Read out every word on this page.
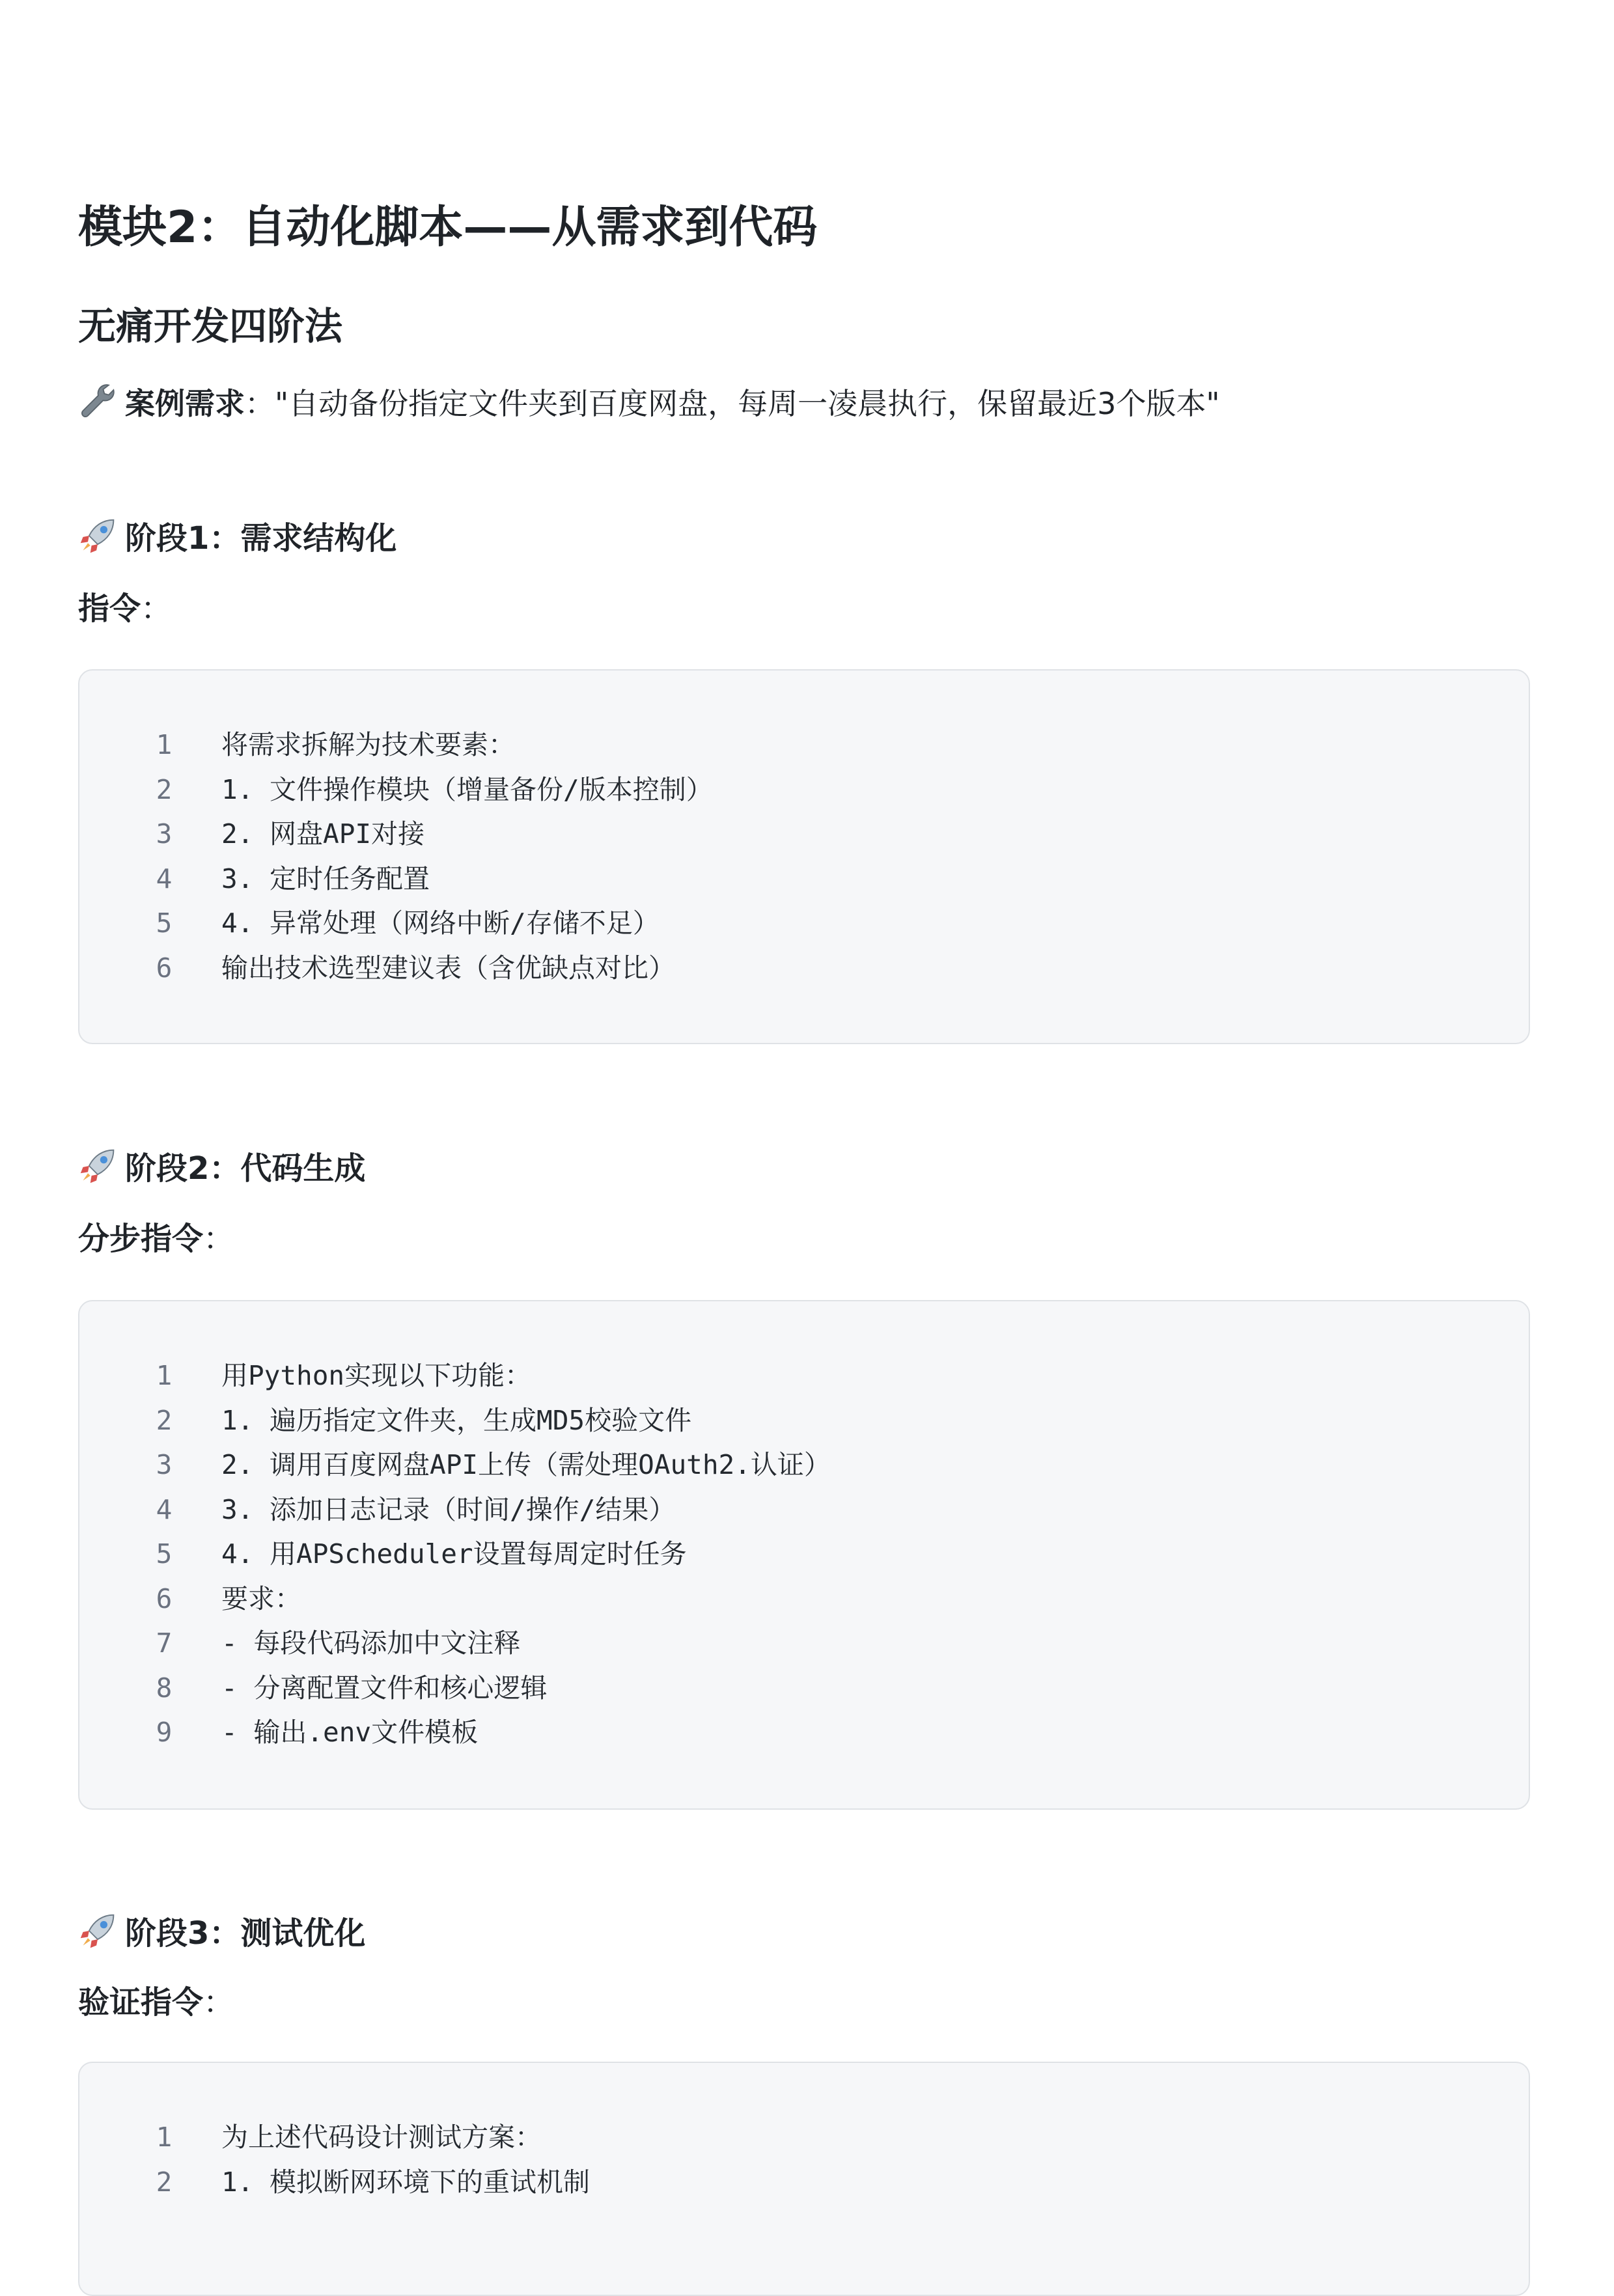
模块2：自动化脚本——从需求到代码
无痛开发四阶法
案例需求："自动备份指定文件夹到百度网盘，每周一凌晨执行，保留最近3个版本"
阶段1：需求结构化
指令：
1 将需求拆解为技术要素：
2 1. 文件操作模块（增量备份/版本控制）
3 2. 网盘API对接
4 3. 定时任务配置
5 4. 异常处理（网络中断/存储不足）
6 输出技术选型建议表（含优缺点对比）
阶段2：代码生成
分步指令：
1 用Python实现以下功能：
2 1. 遍历指定文件夹，生成MD5校验文件
3 2. 调用百度网盘API上传（需处理OAuth2.认证）
4 3. 添加日志记录（时间/操作/结果）
5 4. 用APScheduler设置每周定时任务
6 要求：
7 - 每段代码添加中文注释
8 - 分离配置文件和核心逻辑
9 - 输出.env文件模板
阶段3：测试优化
验证指令：
1 为上述代码设计测试方案：
2 1. 模拟断网环境下的重试机制
